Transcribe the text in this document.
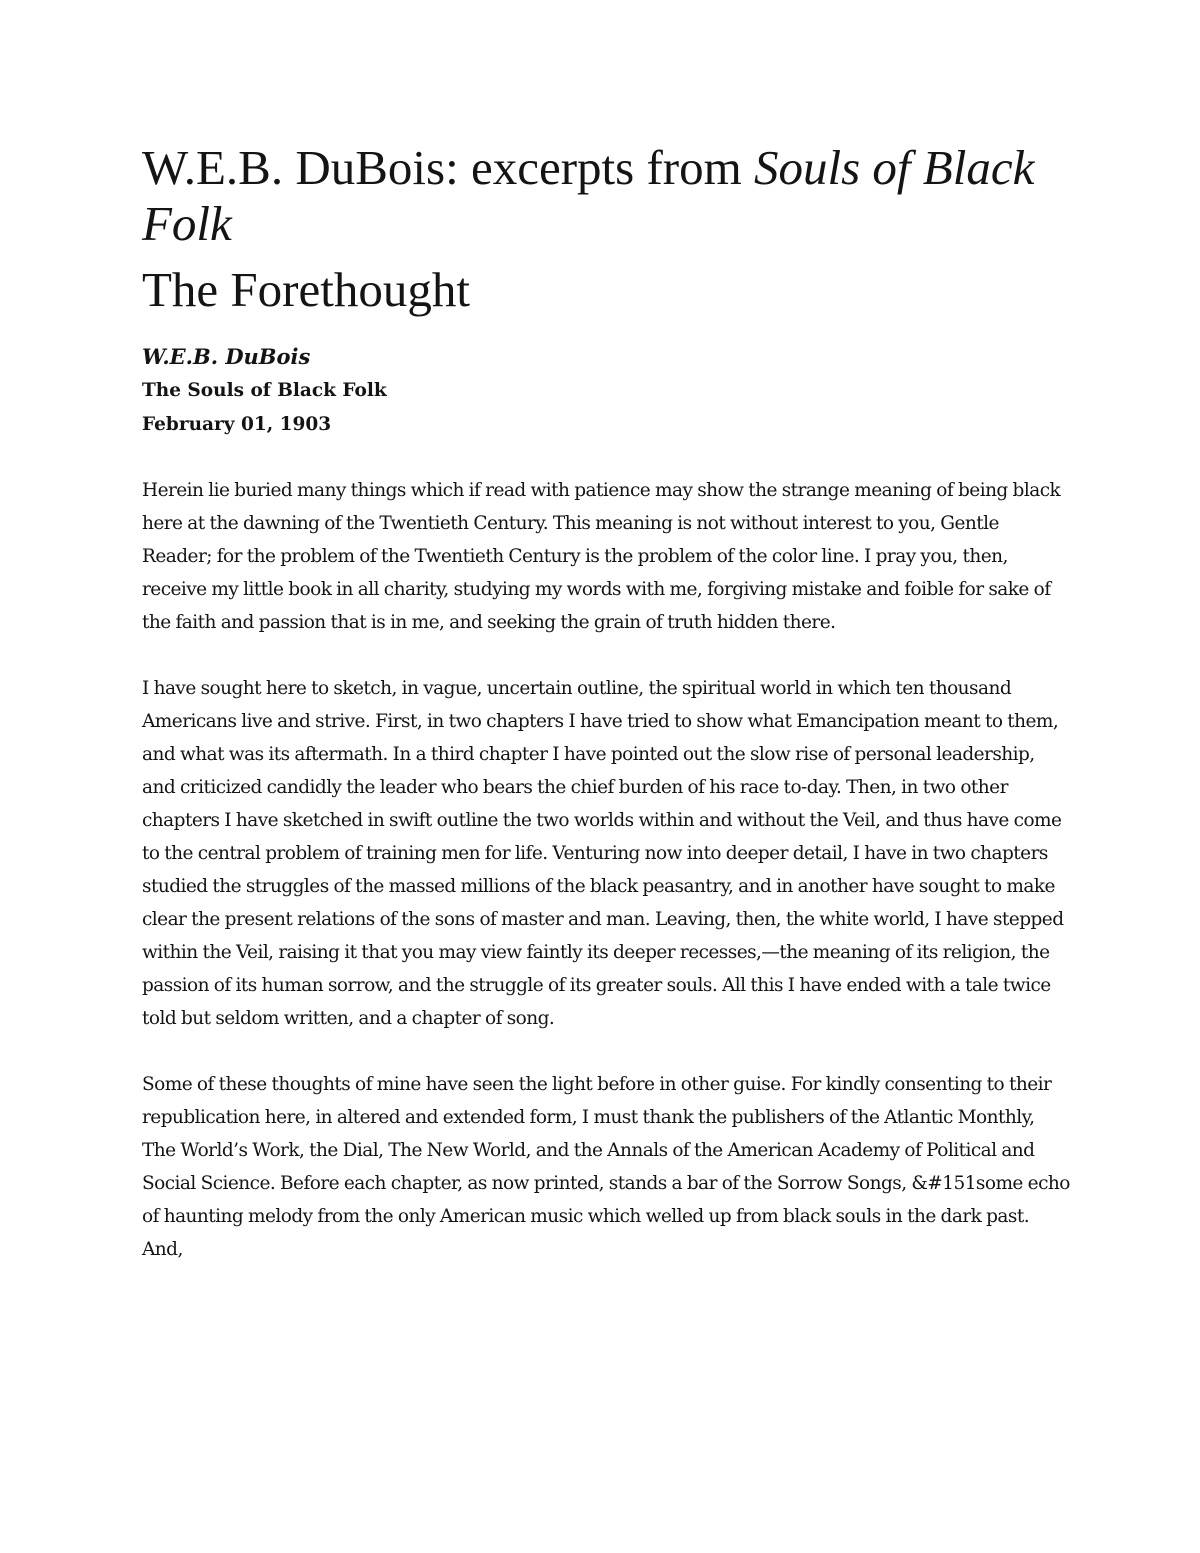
W.E.B. DuBois: excerpts from Souls of Black Folk
The Forethought
W.E.B. DuBois
The Souls of Black Folk
February 01, 1903

Herein lie buried many things which if read with patience may show the strange meaning of being black here at the dawning of the Twentieth Century. This meaning is not without interest to you, Gentle Reader; for the problem of the Twentieth Century is the problem of the color line. I pray you, then, receive my little book in all charity, studying my words with me, forgiving mistake and foible for sake of the faith and passion that is in me, and seeking the grain of truth hidden there.

I have sought here to sketch, in vague, uncertain outline, the spiritual world in which ten thousand Americans live and strive. First, in two chapters I have tried to show what Emancipation meant to them, and what was its aftermath. In a third chapter I have pointed out the slow rise of personal leadership, and criticized candidly the leader who bears the chief burden of his race to-day. Then, in two other chapters I have sketched in swift outline the two worlds within and without the Veil, and thus have come to the central problem of training men for life. Venturing now into deeper detail, I have in two chapters studied the struggles of the massed millions of the black peasantry, and in another have sought to make clear the present relations of the sons of master and man. Leaving, then, the white world, I have stepped within the Veil, raising it that you may view faintly its deeper recesses,—the meaning of its religion, the passion of its human sorrow, and the struggle of its greater souls. All this I have ended with a tale twice told but seldom written, and a chapter of song.

Some of these thoughts of mine have seen the light before in other guise. For kindly consenting to their republication here, in altered and extended form, I must thank the publishers of the Atlantic Monthly, The World’s Work, the Dial, The New World, and the Annals of the American Academy of Political and Social Science. Before each chapter, as now printed, stands a bar of the Sorrow Songs, &#151some echo of haunting melody from the only American music which welled up from black souls in the dark past. And,
